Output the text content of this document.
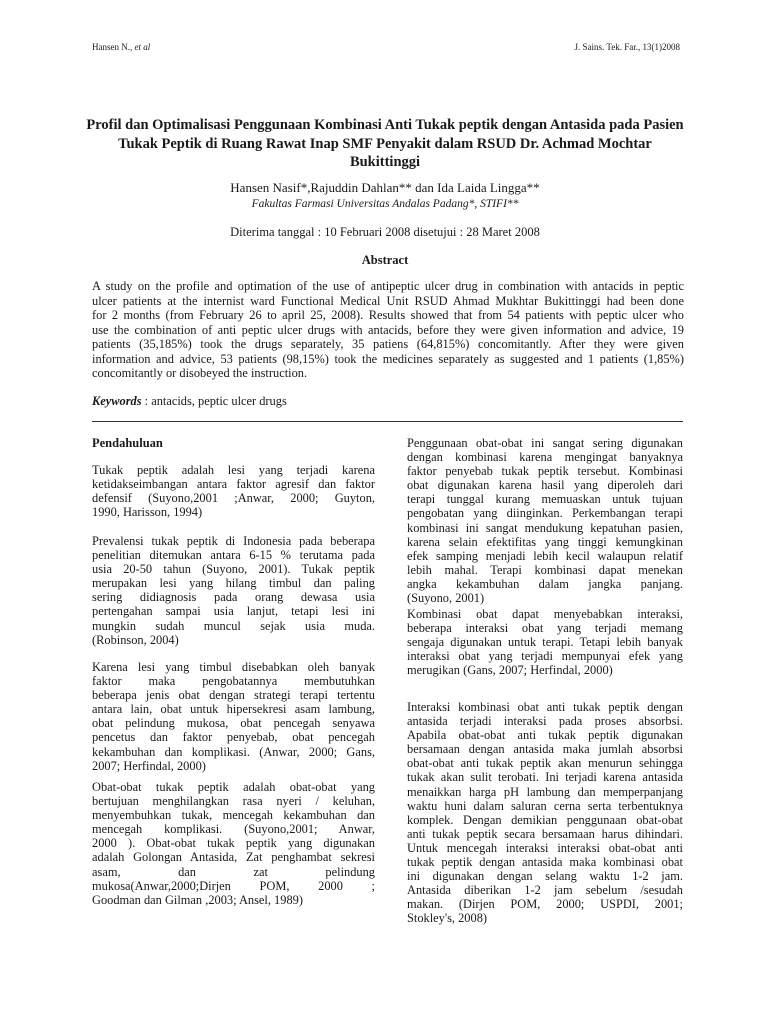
Hansen N., et al	J. Sains. Tek. Far., 13(1)2008
Profil dan Optimalisasi Penggunaan Kombinasi Anti Tukak peptik dengan Antasida pada Pasien
Tukak Peptik di Ruang Rawat Inap SMF Penyakit dalam RSUD Dr. Achmad Mochtar
Bukittinggi
Hansen Nasif*,Rajuddin Dahlan** dan Ida Laida Lingga**
Fakultas Farmasi Universitas Andalas Padang*, STIFI**
Diterima tanggal : 10 Februari 2008 disetujui : 28 Maret 2008
Abstract
A study on the profile and optimation of the use of antipeptic ulcer drug in combination with antacids in peptic
ulcer patients at the internist ward Functional Medical Unit RSUD Ahmad Mukhtar Bukittinggi had been done
for 2 months (from February 26 to april 25, 2008). Results showed that from 54 patients with peptic ulcer who
use the combination of anti peptic ulcer drugs with antacids, before they were given information and advice, 19
patients (35,185%) took the drugs separately, 35 patiens (64,815%) concomitantly. After they were given
information and advice, 53 patients (98,15%) took the medicines separately as suggested and 1 patients (1,85%)
concomitantly or disobeyed the instruction.
Keywords : antacids, peptic ulcer drugs
Pendahuluan
Tukak peptik adalah lesi yang terjadi karena
ketidakseimbangan antara faktor agresif dan faktor
defensif (Suyono,2001 ;Anwar, 2000; Guyton,
1990, Harisson, 1994)
Prevalensi tukak peptik di Indonesia pada beberapa
penelitian ditemukan antara 6-15 % terutama pada
usia 20-50 tahun (Suyono, 2001). Tukak peptik
merupakan lesi yang hilang timbul dan paling
sering didiagnosis pada orang dewasa usia
pertengahan sampai usia lanjut, tetapi lesi ini
mungkin sudah muncul sejak usia muda.
(Robinson, 2004)
Karena lesi yang timbul disebabkan oleh banyak
faktor maka pengobatannya membutuhkan
beberapa jenis obat dengan strategi terapi tertentu
antara lain, obat untuk hipersekresi asam lambung,
obat pelindung mukosa, obat pencegah senyawa
pencetus dan faktor penyebab, obat pencegah
kekambuhan dan komplikasi. (Anwar, 2000; Gans,
2007; Herfindal, 2000)
Obat-obat tukak peptik adalah obat-obat yang
bertujuan menghilangkan rasa nyeri / keluhan,
menyembuhkan tukak, mencegah kekambuhan dan
mencegah komplikasi. (Suyono,2001; Anwar,
2000 ). Obat-obat tukak peptik yang digunakan
adalah Golongan Antasida, Zat penghambat sekresi
asam, dan zat pelindung
mukosa(Anwar,2000;Dirjen POM, 2000 ;
Goodman dan Gilman ,2003; Ansel, 1989)
Penggunaan obat-obat ini sangat sering digunakan
dengan kombinasi karena mengingat banyaknya
faktor penyebab tukak peptik tersebut. Kombinasi
obat digunakan karena hasil yang diperoleh dari
terapi tunggal kurang memuaskan untuk tujuan
pengobatan yang diinginkan. Perkembangan terapi
kombinasi ini sangat mendukung kepatuhan pasien,
karena selain efektifitas yang tinggi kemungkinan
efek samping menjadi lebih kecil walaupun relatif
lebih mahal. Terapi kombinasi dapat menekan
angka kekambuhan dalam jangka panjang.
(Suyono, 2001)
Kombinasi obat dapat menyebabkan interaksi,
beberapa interaksi obat yang terjadi memang
sengaja digunakan untuk terapi. Tetapi lebih banyak
interaksi obat yang terjadi mempunyai efek yang
merugikan (Gans, 2007; Herfindal, 2000)
Interaksi kombinasi obat anti tukak peptik dengan
antasida terjadi interaksi pada proses absorbsi.
Apabila obat-obat anti tukak peptik digunakan
bersamaan dengan antasida maka jumlah absorbsi
obat-obat anti tukak peptik akan menurun sehingga
tukak akan sulit terobati. Ini terjadi karena antasida
menaikkan harga pH lambung dan memperpanjang
waktu huni dalam saluran cerna serta terbentuknya
komplek. Dengan demikian penggunaan obat-obat
anti tukak peptik secara bersamaan harus dihindari.
Untuk mencegah interaksi interaksi obat-obat anti
tukak peptik dengan antasida maka kombinasi obat
ini digunakan dengan selang waktu 1-2 jam.
Antasida diberikan 1-2 jam sebelum /sesudah
makan. (Dirjen POM, 2000; USPDI, 2001;
Stokley's, 2008)
